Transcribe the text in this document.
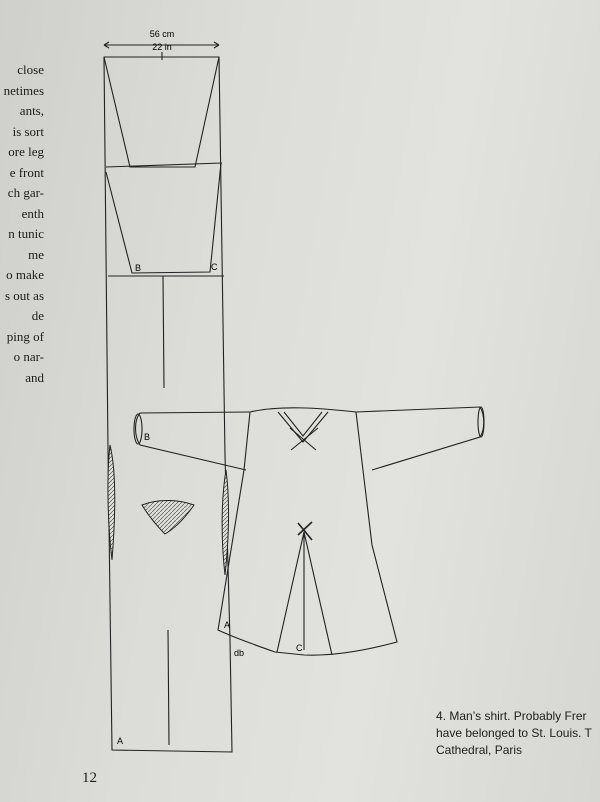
close
netimes
ants,
is sort
ore leg
e front
ch gar-
enth
n tunic
me
o make
s out as
de
ping of
o nar-
and
56 cm
22 in
B	C
B
A
C
db
A
4. Man’s shirt. Probably Frer
have belonged to St. Louis. T
Cathedral, Paris
12
